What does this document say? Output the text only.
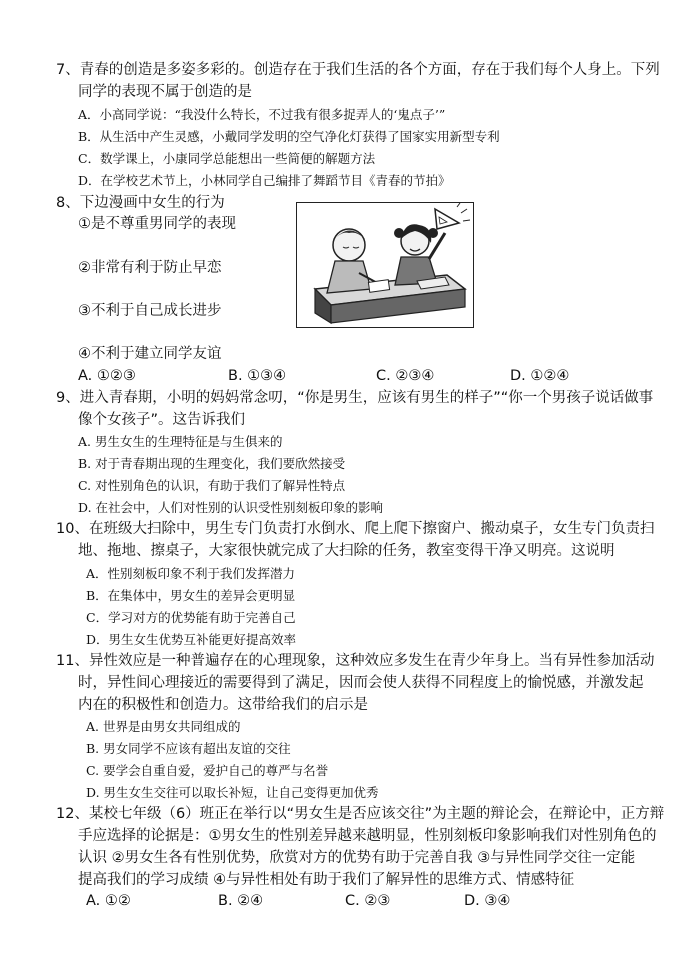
7、青春的创造是多姿多彩的。创造存在于我们生活的各个方面，存在于我们每个人身上。下列
同学的表现不属于创造的是
A．小高同学说：“我没什么特长，不过我有很多捉弄人的‘鬼点子’”
B．从生活中产生灵感，小戴同学发明的空气净化灯获得了国家实用新型专利
C．数学课上，小康同学总能想出一些简便的解题方法
D．在学校艺术节上，小林同学自己编排了舞蹈节目《青春的节拍》
8、下边漫画中女生的行为
①是不尊重男同学的表现
②非常有利于防止早恋
③不利于自己成长进步
④不利于建立同学友谊
A. ①②③	B. ①③④	C. ②③④	D. ①②④
9、进入青春期，小明的妈妈常念叨，“你是男生，应该有男生的样子”“你一个男孩子说话做事
像个女孩子”。这告诉我们
A. 男生女生的生理特征是与生俱来的
B. 对于青春期出现的生理变化，我们要欣然接受
C. 对性别角色的认识，有助于我们了解异性特点
D. 在社会中，人们对性别的认识受性别刻板印象的影响
10、在班级大扫除中，男生专门负责打水倒水、爬上爬下擦窗户、搬动桌子，女生专门负责扫
地、拖地、擦桌子，大家很快就完成了大扫除的任务，教室变得干净又明亮。这说明
A．性别刻板印象不利于我们发挥潜力
B．在集体中，男女生的差异会更明显
C．学习对方的优势能有助于完善自己
D．男生女生优势互补能更好提高效率
11、异性效应是一种普遍存在的心理现象，这种效应多发生在青少年身上。当有异性参加活动
时，异性间心理接近的需要得到了满足，因而会使人获得不同程度上的愉悦感，并激发起
内在的积极性和创造力。这带给我们的启示是
A. 世界是由男女共同组成的
B. 男女同学不应该有超出友谊的交往
C. 要学会自重自爱，爱护自己的尊严与名誉
D. 男生女生交往可以取长补短，让自己变得更加优秀
12、某校七年级（6）班正在举行以“男女生是否应该交往”为主题的辩论会，在辩论中，正方辩
手应选择的论据是：①男女生的性别差异越来越明显，性别刻板印象影响我们对性别角色的
认识 ②男女生各有性别优势，欣赏对方的优势有助于完善自我 ③与异性同学交往一定能
提高我们的学习成绩 ④与异性相处有助于我们了解异性的思维方式、情感特征
A. ①②	B. ②④	C. ②③	D. ③④
